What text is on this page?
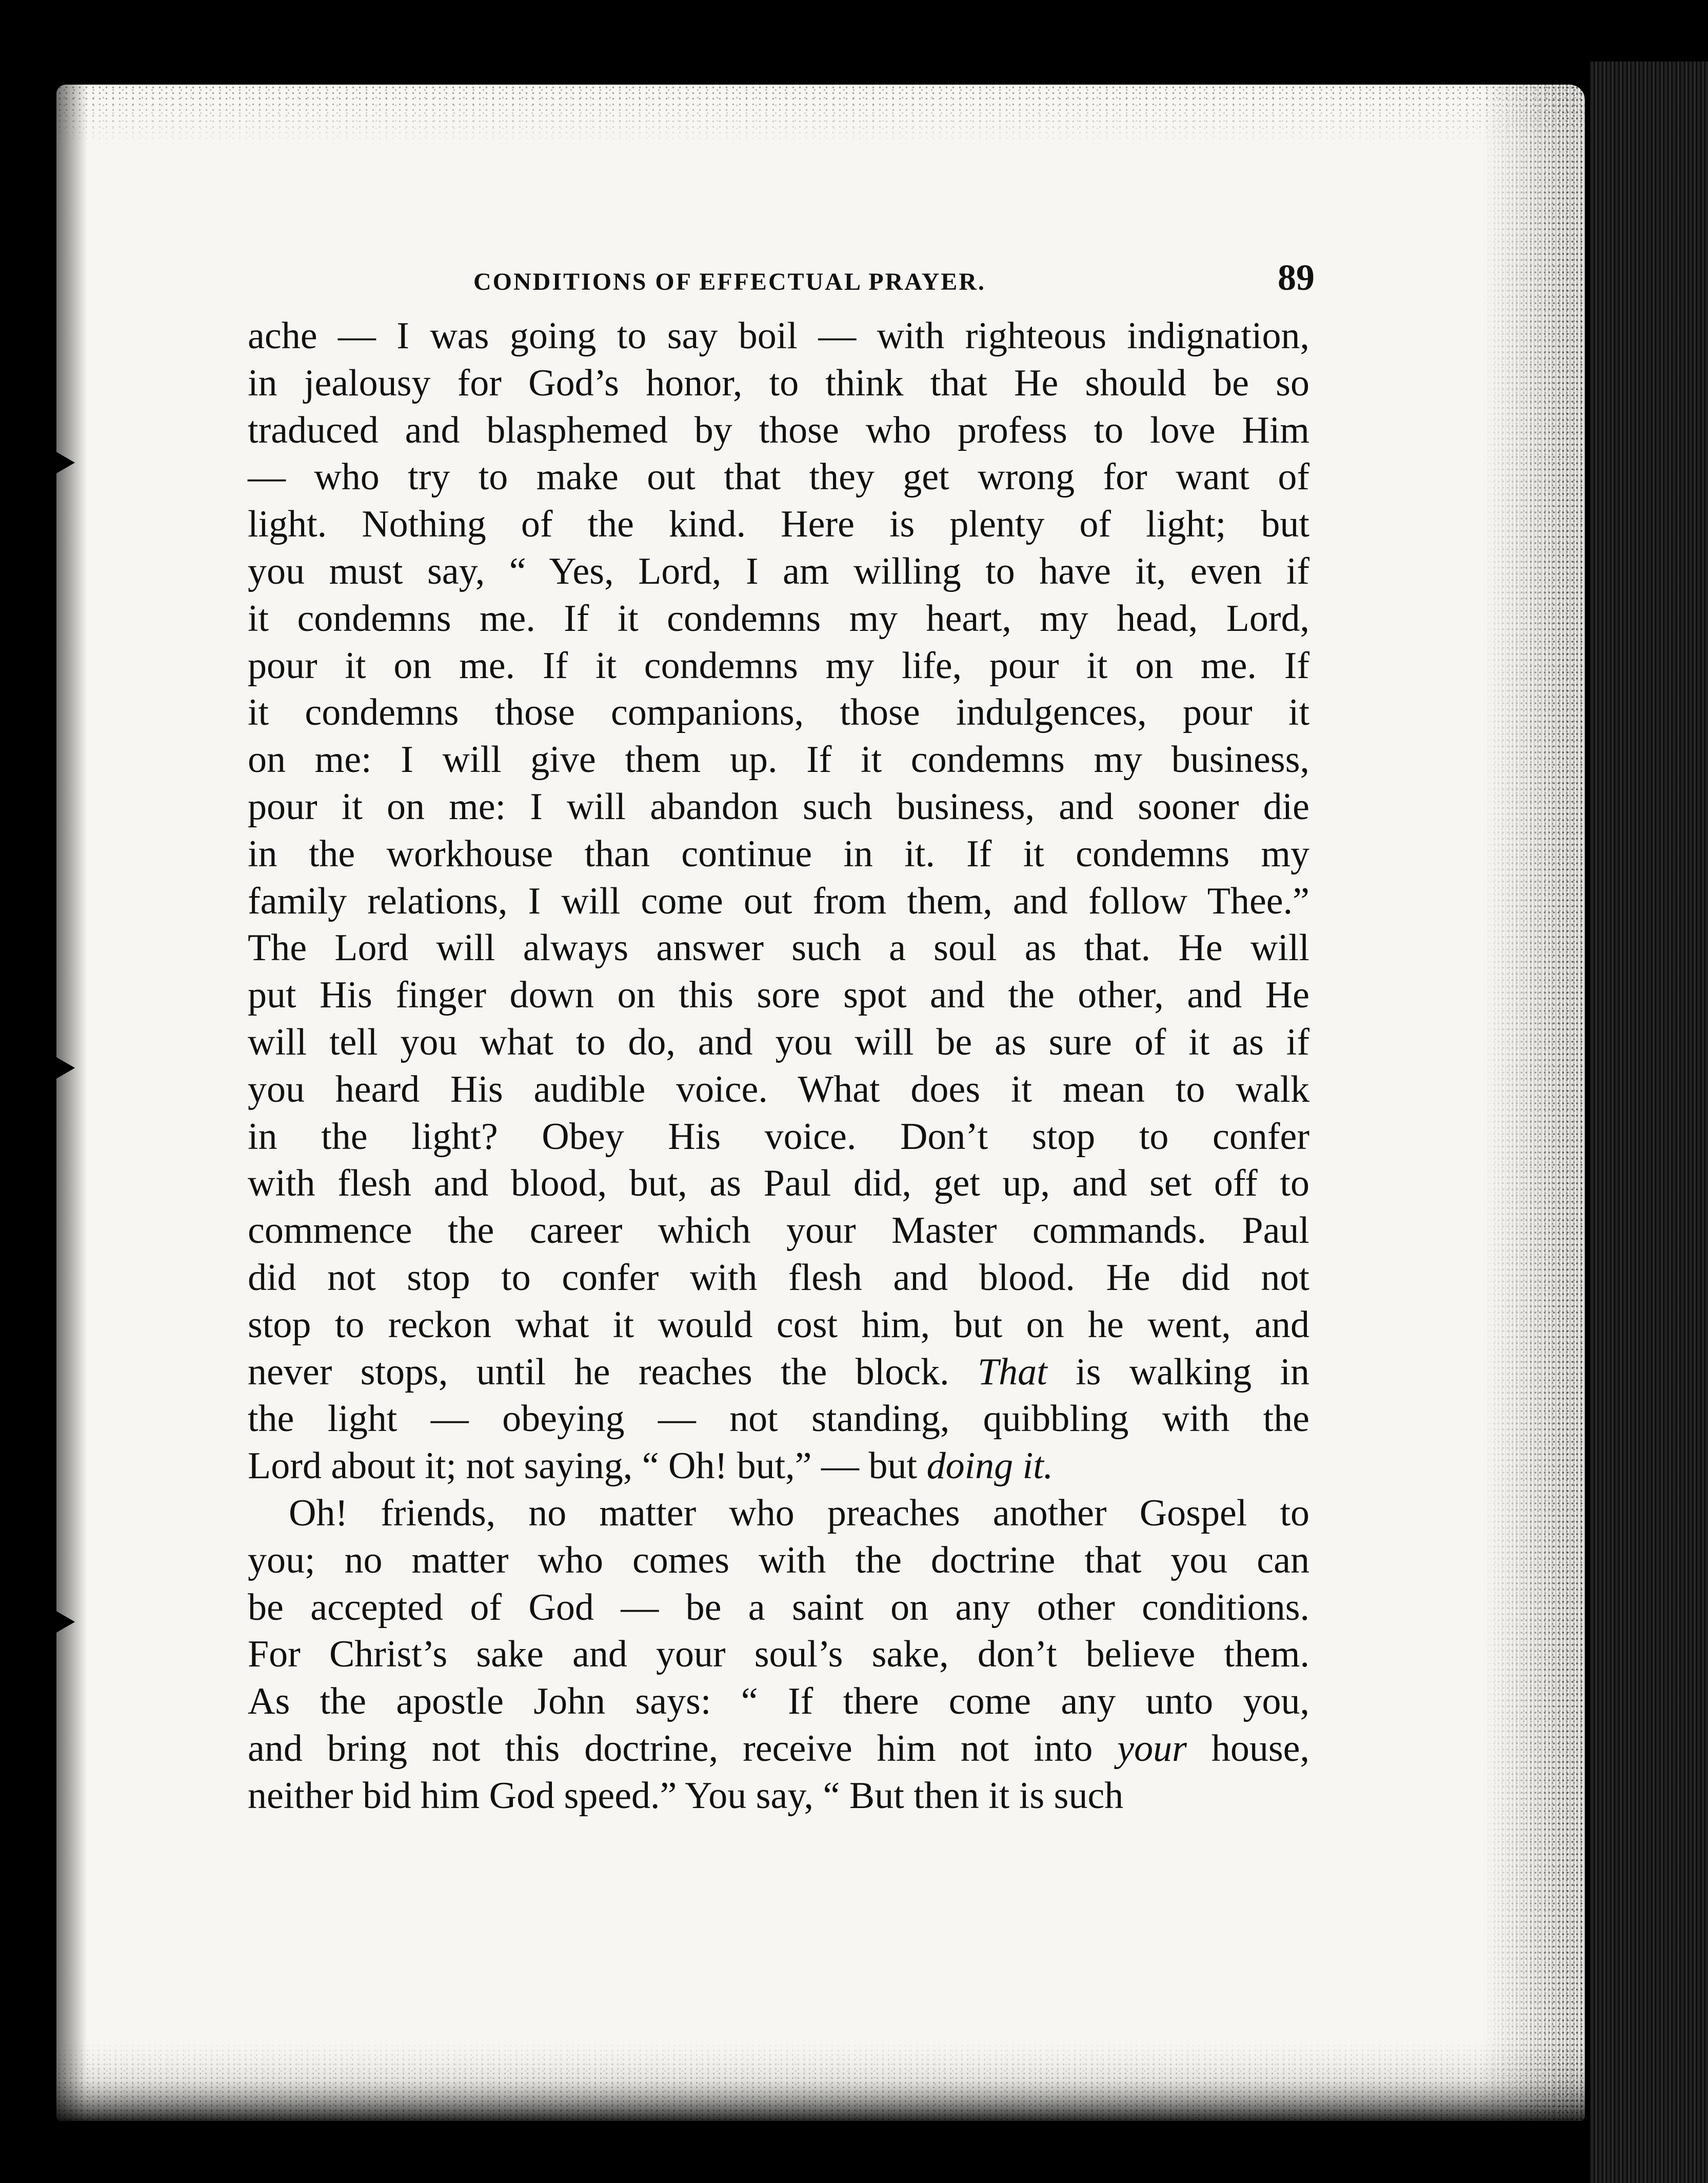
CONDITIONS OF EFFECTUAL PRAYER.	89
ache — I was going to say boil — with righteous indignation,
in jealousy for God’s honor, to think that He should be so
traduced and blasphemed by those who profess to love Him
— who try to make out that they get wrong for want of
light. Nothing of the kind. Here is plenty of light; but
you must say, “ Yes, Lord, I am willing to have it, even if
it condemns me. If it condemns my heart, my head, Lord,
pour it on me. If it condemns my life, pour it on me. If
it condemns those companions, those indulgences, pour it
on me: I will give them up. If it condemns my business,
pour it on me: I will abandon such business, and sooner die
in the workhouse than continue in it. If it condemns my
family relations, I will come out from them, and follow Thee.”
The Lord will always answer such a soul as that. He will
put His finger down on this sore spot and the other, and He
will tell you what to do, and you will be as sure of it as if
you heard His audible voice. What does it mean to walk
in the light? Obey His voice. Don’t stop to confer
with flesh and blood, but, as Paul did, get up, and set off to
commence the career which your Master commands. Paul
did not stop to confer with flesh and blood. He did not
stop to reckon what it would cost him, but on he went, and
never stops, until he reaches the block. That is walking in
the light — obeying — not standing, quibbling with the
Lord about it; not saying, “ Oh! but,” — but doing it.
Oh! friends, no matter who preaches another Gospel to
you; no matter who comes with the doctrine that you can
be accepted of God — be a saint on any other conditions.
For Christ’s sake and your soul’s sake, don’t believe them.
As the apostle John says: “ If there come any unto you,
and bring not this doctrine, receive him not into your house,
neither bid him God speed.” You say, “ But then it is such
